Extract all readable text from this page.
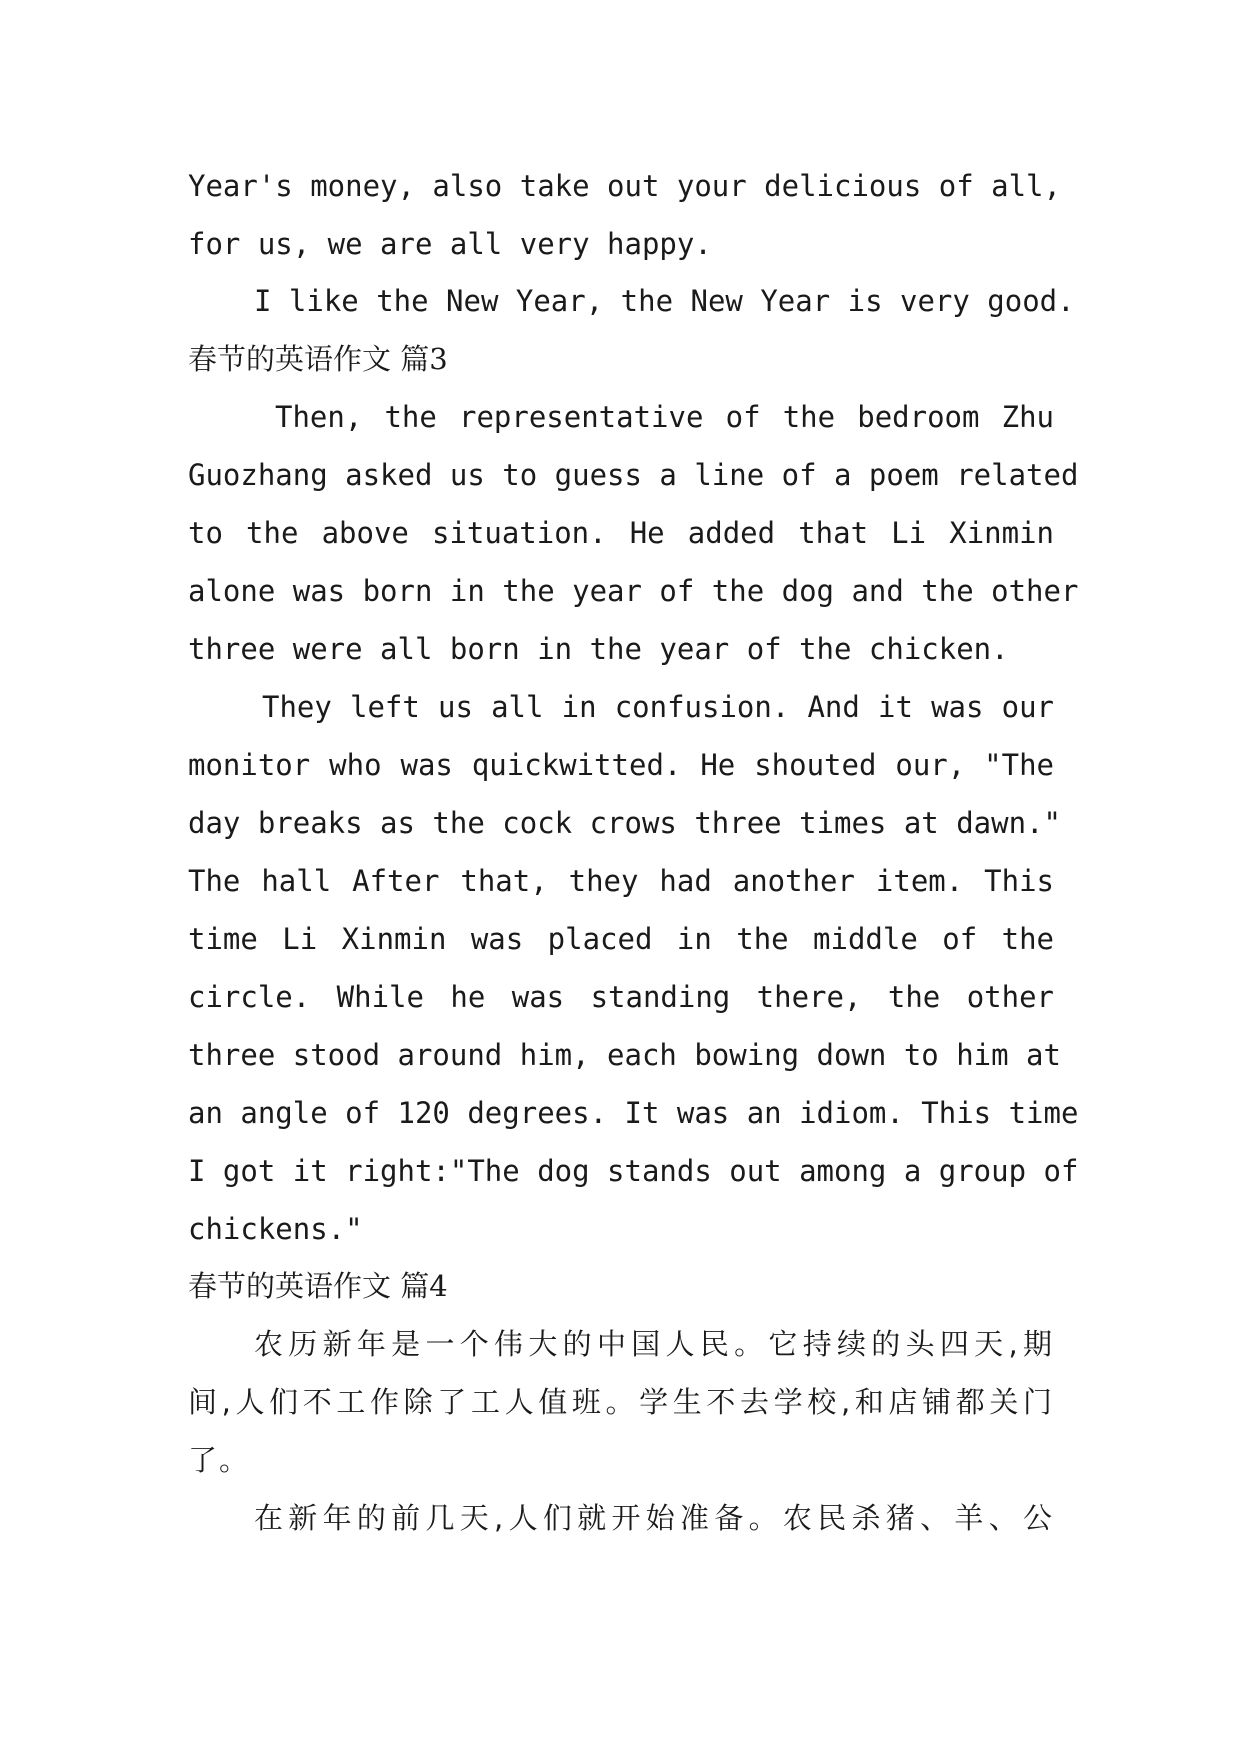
Year's money, also take out your delicious of all,
for us, we are all very happy.
I like the New Year, the New Year is very good.
春节的英语作文 篇3
Then, the representative of the bedroom Zhu
Guozhang asked us to guess a line of a poem related
to the above situation. He added that Li Xinmin
alone was born in the year of the dog and the other
three were all born in the year of the chicken.
They left us all in confusion. And it was our
monitor who was quickwitted. He shouted our, "The
day breaks as the cock crows three times at dawn."
The hall After that, they had another item. This
time Li Xinmin was placed in the middle of the
circle. While he was standing there, the other
three stood around him, each bowing down to him at
an angle of 120 degrees. It was an idiom. This time
I got it right:"The dog stands out among a group of
chickens."
春节的英语作文 篇4
农历新年是一个伟大的中国人民。它持续的头四天,期
间,人们不工作除了工人值班。学生不去学校,和店铺都关门
了。
在新年的前几天,人们就开始准备。农民杀猪、羊、公
